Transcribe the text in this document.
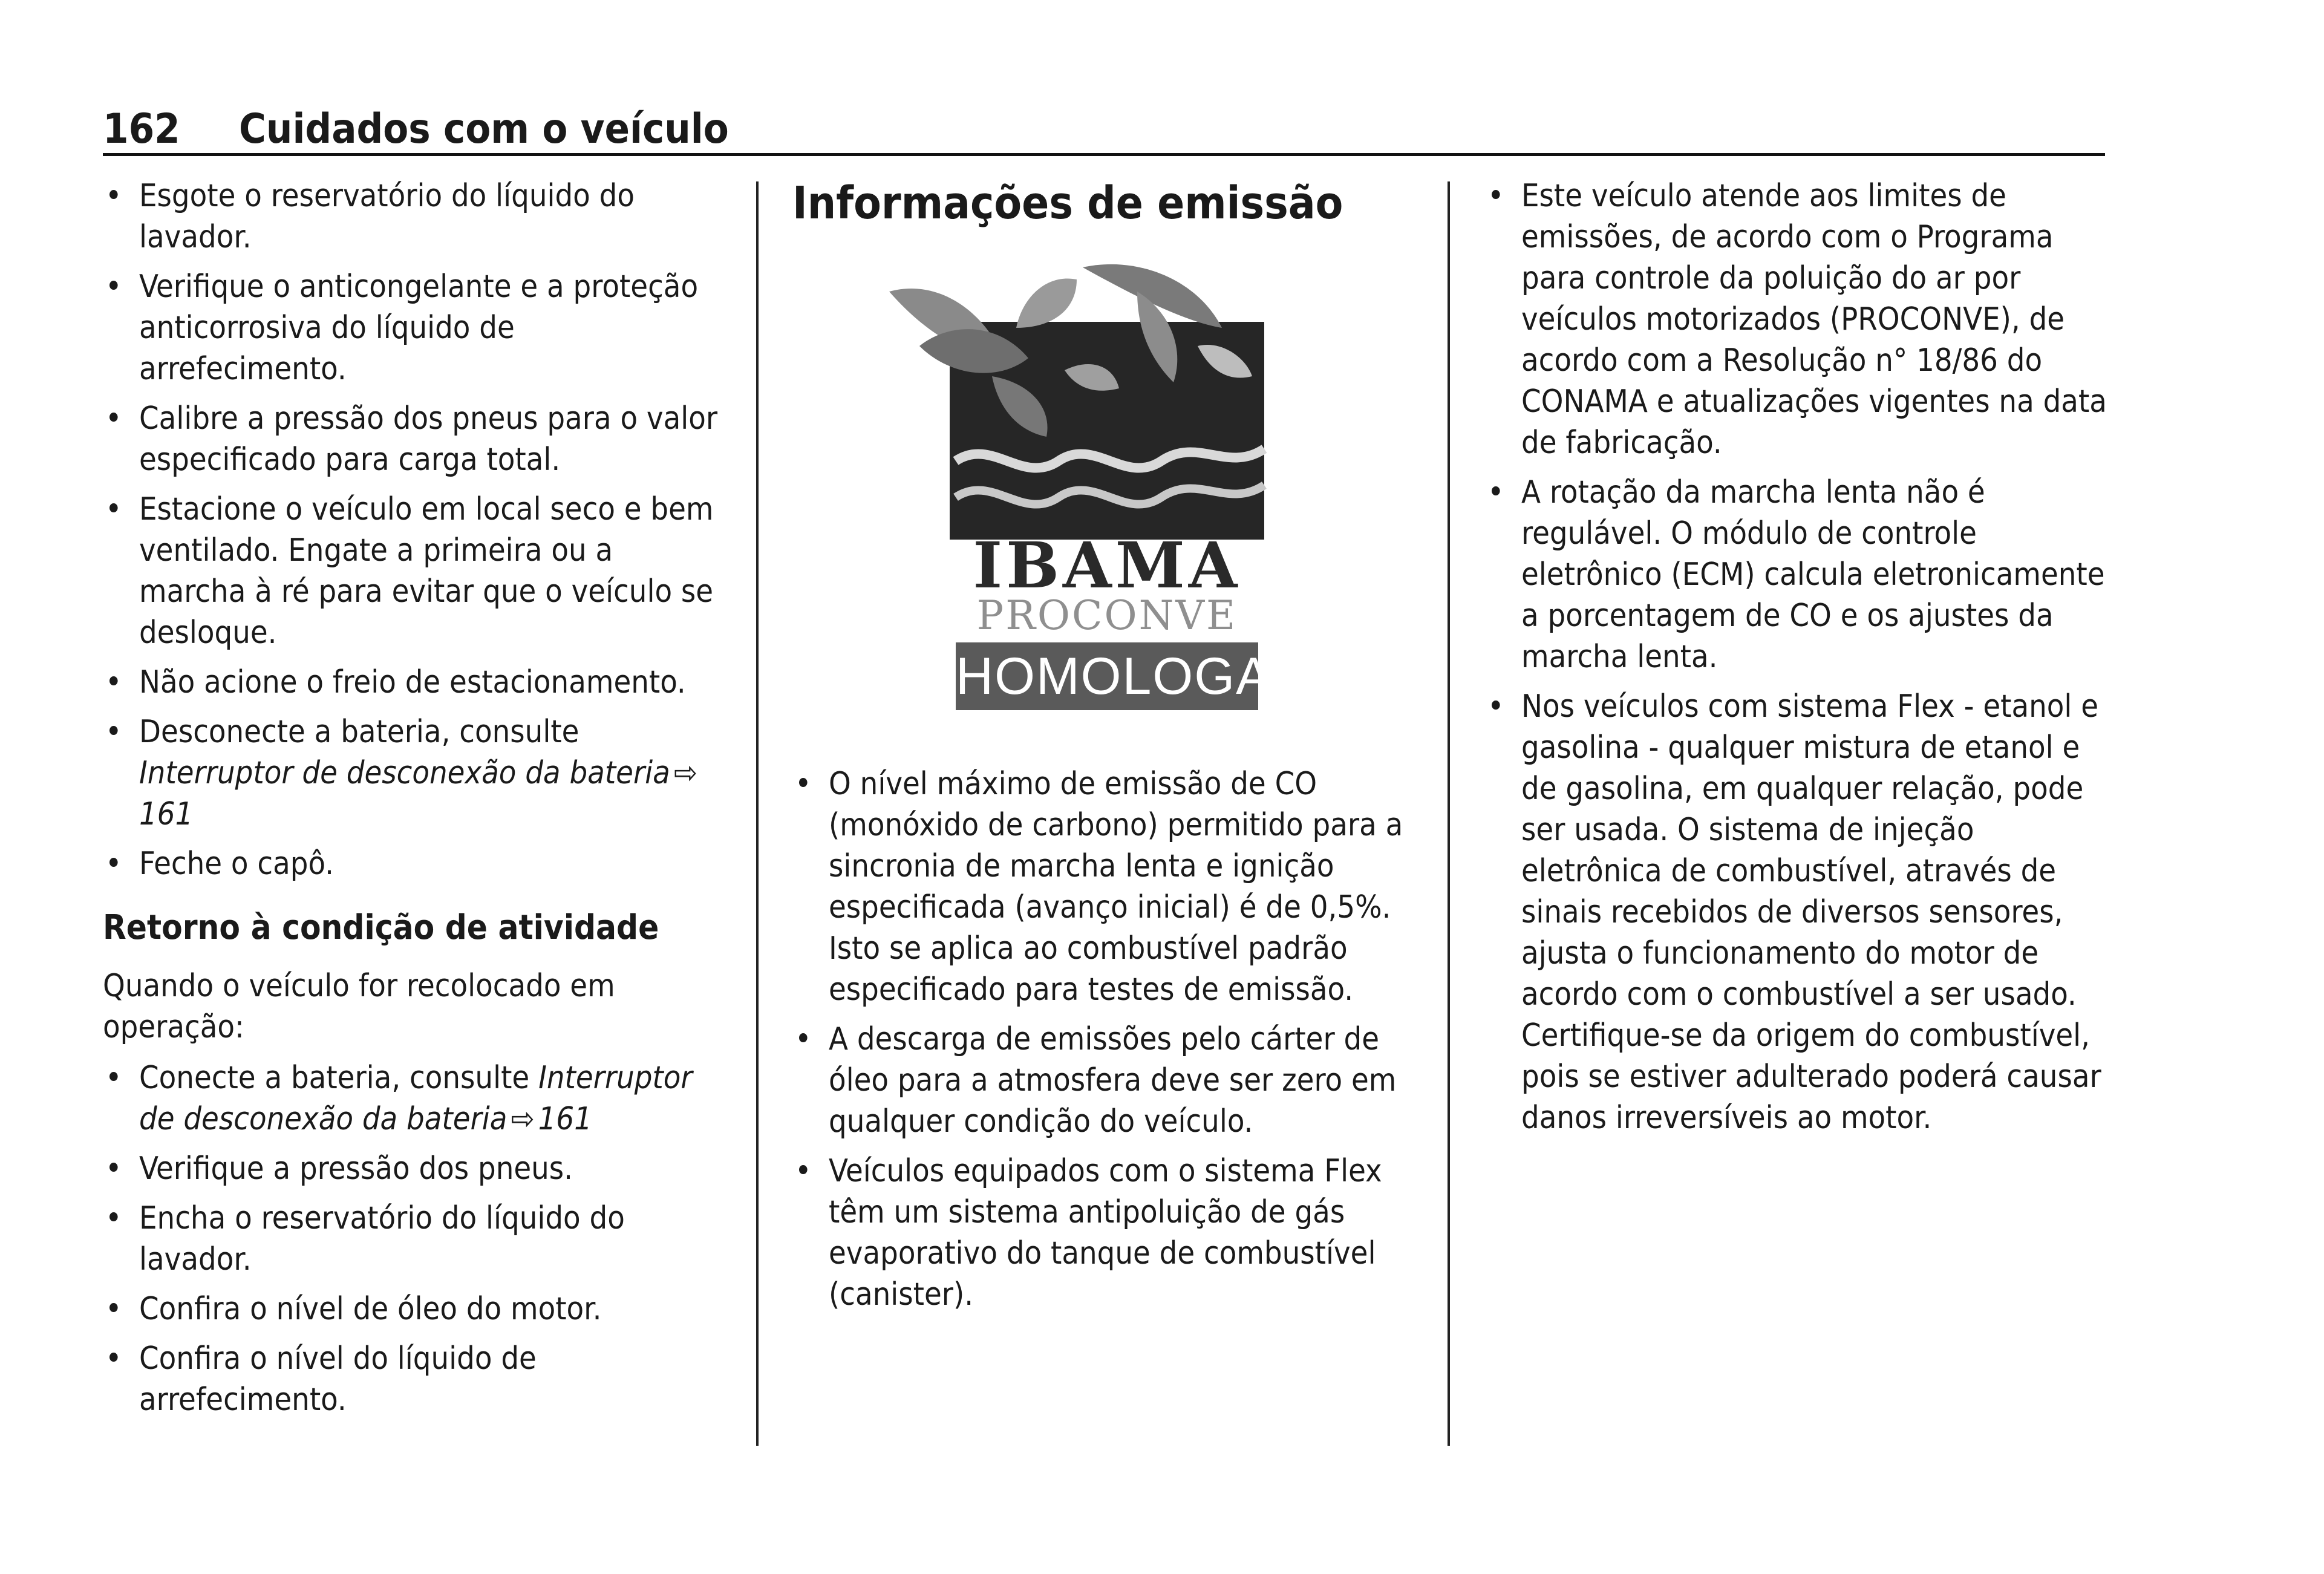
162 Cuidados com o veículo
• Esgote o reservatório do líquido do lavador.
• Verifique o anticongelante e a proteção anticorrosiva do líquido de arrefecimento.
• Calibre a pressão dos pneus para o valor especificado para carga total.
• Estacione o veículo em local seco e bem ventilado. Engate a primeira ou a marcha à ré para evitar que o veículo se desloque.
• Não acione o freio de estacionamento.
• Desconecte a bateria, consulte Interruptor de desconexão da bateria ⇨161
• Feche o capô.
Retorno à condição de atividade

Quando o veículo for recolocado em operação:

• Conecte a bateria, consulte Interruptor de desconexão da bateria ⇨ 161
• Verifique a pressão dos pneus.
• Encha o reservatório do líquido do lavador.
• Confira o nível de óleo do motor.
• Confira o nível do líquido de arrefecimento.
Informações de emissão
IBAMA
PROCONVE
HOMOLOGADO
• O nível máximo de emissão de CO (monóxido de carbono) permitido para a sincronia de marcha lenta e ignição especificada (avanço inicial) é de 0,5%. Isto se aplica ao combustível padrão especificado para testes de emissão.
• A descarga de emissões pelo cárter de óleo para a atmosfera deve ser zero em qualquer condição do veículo.
• Veículos equipados com o sistema Flex têm um sistema antipoluição de gás evaporativo do tanque de combustível (canister).
• Este veículo atende aos limites de emissões, de acordo com o Programa para controle da poluição do ar por veículos motorizados (PROCONVE), de acordo com a Resolução n° 18/86 do CONAMA e atualizações vigentes na data de fabricação.
• A rotação da marcha lenta não é regulável. O módulo de controle eletrônico (ECM) calcula eletronicamente a porcentagem de CO e os ajustes da marcha lenta.
• Nos veículos com sistema Flex - etanol e gasolina - qualquer mistura de etanol e de gasolina, em qualquer relação, pode ser usada. O sistema de injeção eletrônica de combustível, através de sinais recebidos de diversos sensores, ajusta o funcionamento do motor de acordo com o combustível a ser usado. Certifique-se da origem do combustível, pois se estiver adulterado poderá causar danos irreversíveis ao motor.
